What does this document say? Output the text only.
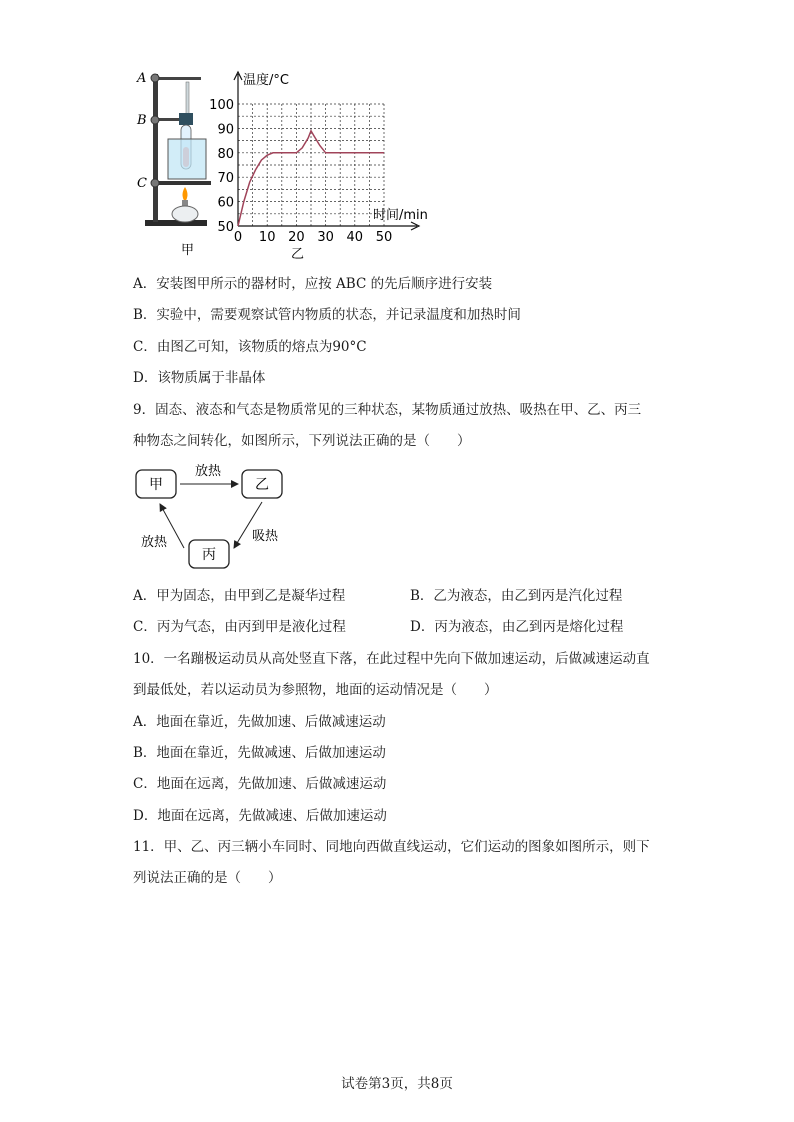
A
B
C
甲
0 10 20 30 40 50
50
60
70
80
90
100
温度/°C
时间/min
乙
A．安装图甲所示的器材时，应按 ABC 的先后顺序进行安装
B．实验中，需要观察试管内物质的状态，并记录温度和加热时间
C．由图乙可知，该物质的熔点为90°C
D．该物质属于非晶体
9．固态、液态和气态是物质常见的三种状态，某物质通过放热、吸热在甲、乙、丙三
种物态之间转化，如图所示，下列说法正确的是（　　）
甲	乙
丙
放热
吸热
放热
A．甲为固态，由甲到乙是凝华过程	B．乙为液态，由乙到丙是汽化过程
C．丙为气态，由丙到甲是液化过程	D．丙为液态，由乙到丙是熔化过程
10．一名蹦极运动员从高处竖直下落，在此过程中先向下做加速运动，后做减速运动直
到最低处，若以运动员为参照物，地面的运动情况是（　　）
A．地面在靠近，先做加速、后做减速运动
B．地面在靠近，先做减速、后做加速运动
C．地面在远离，先做加速、后做减速运动
D．地面在远离，先做减速、后做加速运动
11．甲、乙、丙三辆小车同时、同地向西做直线运动，它们运动的图象如图所示，则下
列说法正确的是（　　）
试卷第3页，共8页
